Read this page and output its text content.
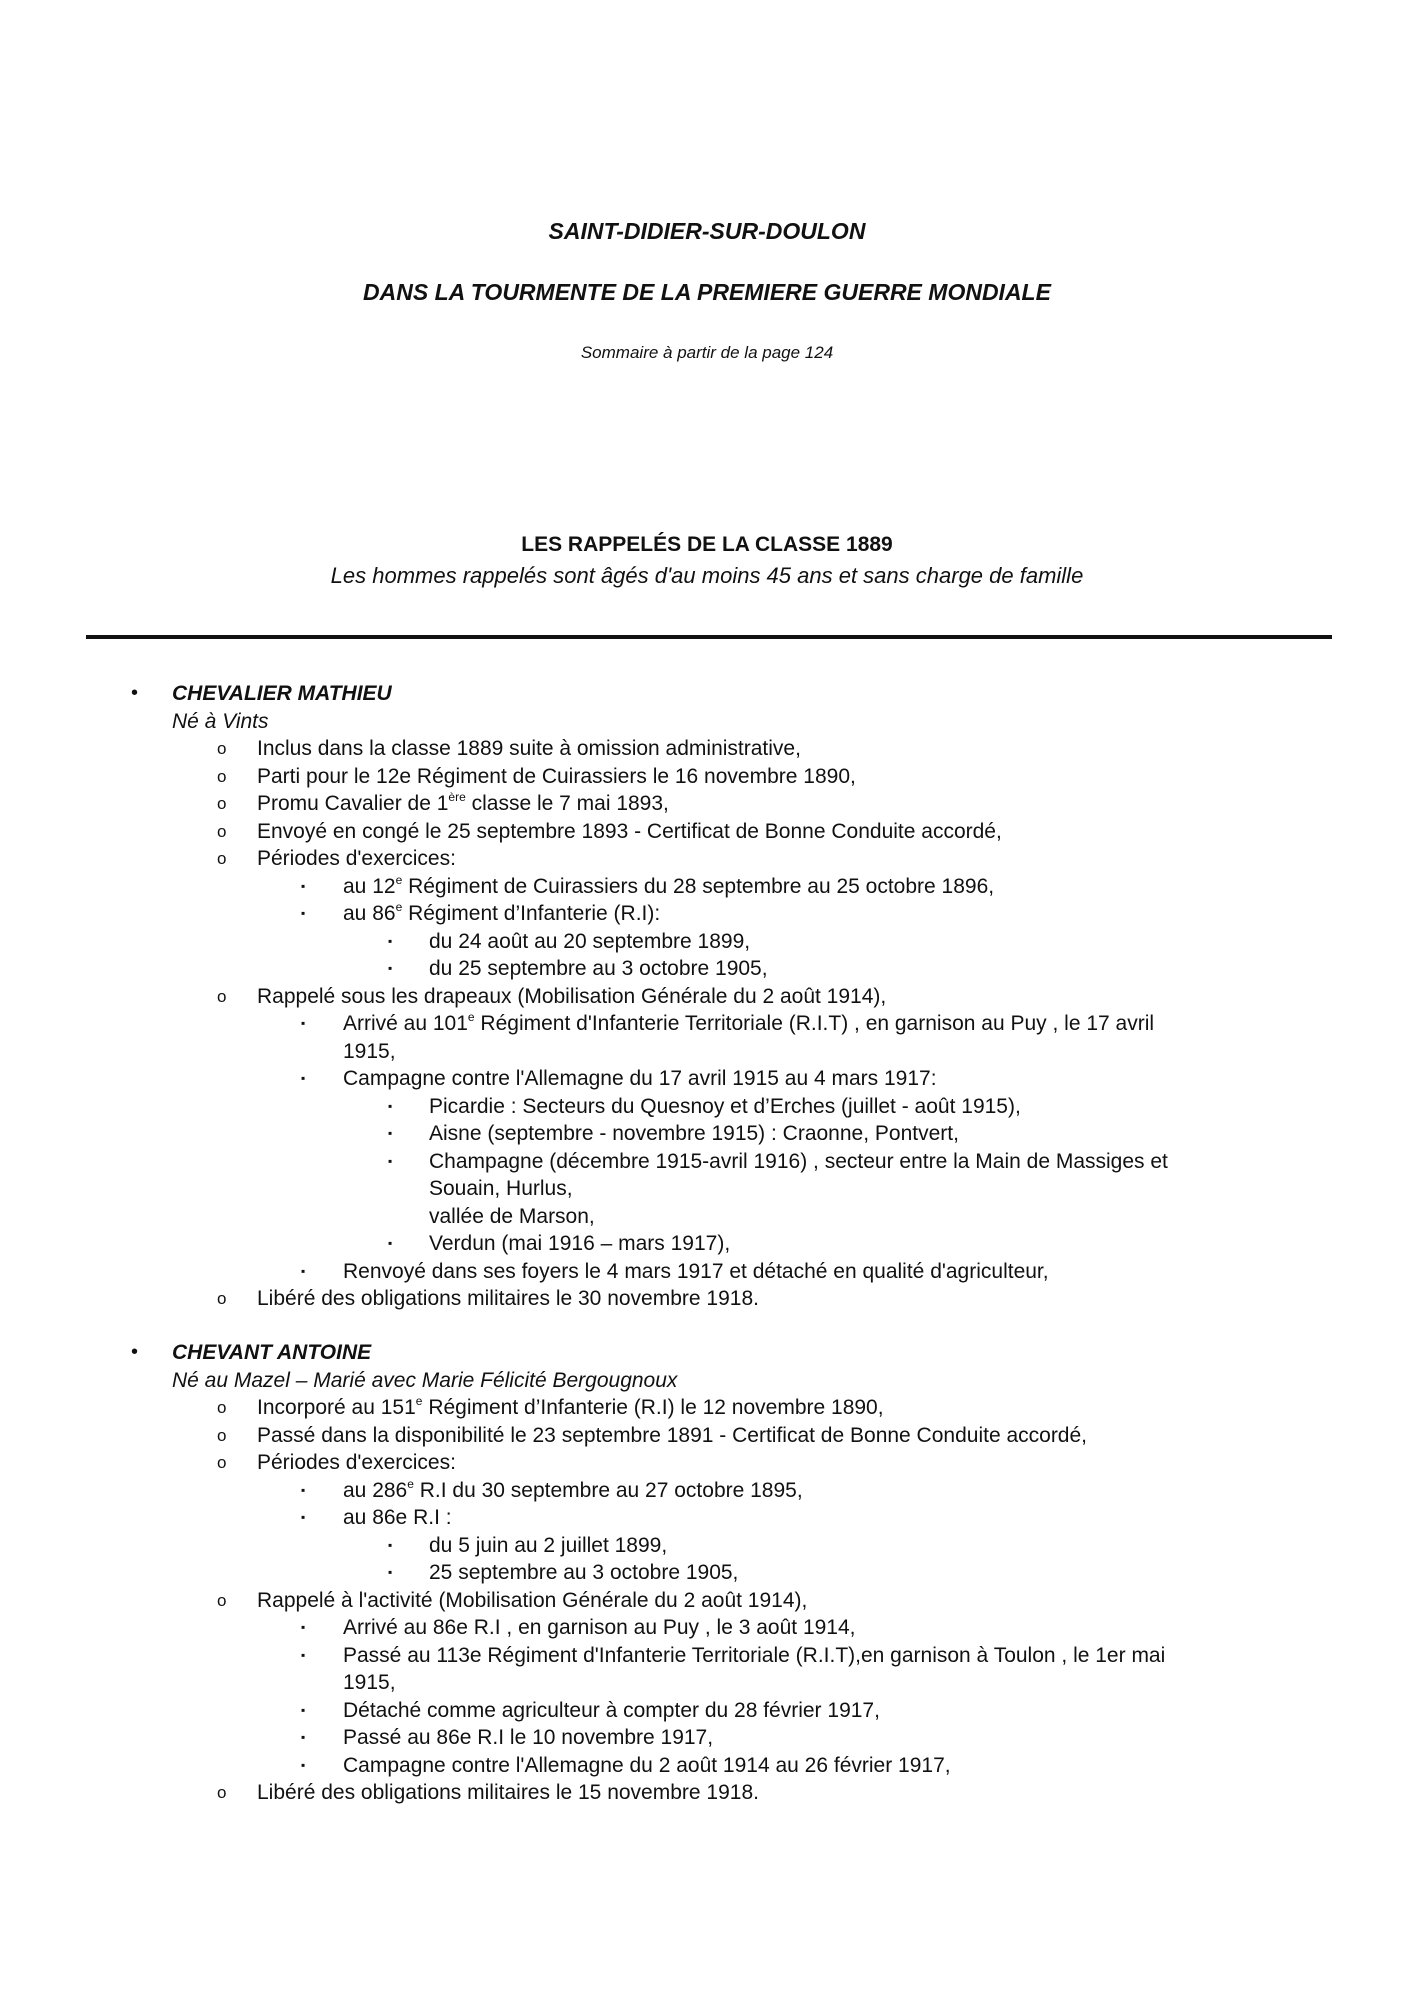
SAINT-DIDIER-SUR-DOULON
DANS LA TOURMENTE DE LA PREMIERE GUERRE MONDIALE
Sommaire à partir de la page 124
LES RAPPELÉS DE LA CLASSE 1889
Les hommes rappelés sont âgés d'au moins 45 ans et sans charge de famille
• CHEVALIER MATHIEU
Né à Vints
o Inclus dans la classe 1889 suite à omission administrative,
o Parti pour le 12e Régiment de Cuirassiers le 16 novembre 1890,
o Promu Cavalier de 1ère classe le 7 mai 1893,
o Envoyé en congé le 25 septembre 1893 - Certificat de Bonne Conduite accordé,
o Périodes d'exercices:
▪ au 12e Régiment de Cuirassiers du 28 septembre au 25 octobre 1896,
▪ au 86e Régiment d’Infanterie (R.I):
▪ du 24 août au 20 septembre 1899,
▪ du 25 septembre au 3 octobre 1905,
o Rappelé sous les drapeaux (Mobilisation Générale du 2 août 1914),
▪ Arrivé au 101e Régiment d'Infanterie Territoriale (R.I.T) , en garnison au Puy , le 17 avril
1915,
▪ Campagne contre l'Allemagne du 17 avril 1915 au 4 mars 1917:
▪ Picardie : Secteurs du Quesnoy et d’Erches (juillet - août 1915),
▪ Aisne (septembre - novembre 1915) : Craonne, Pontvert,
▪ Champagne (décembre 1915-avril 1916) , secteur entre la Main de Massiges et
Souain, Hurlus,
vallée de Marson,
▪ Verdun (mai 1916 – mars 1917),
▪ Renvoyé dans ses foyers le 4 mars 1917 et détaché en qualité d'agriculteur,
o Libéré des obligations militaires le 30 novembre 1918.
• CHEVANT ANTOINE
Né au Mazel – Marié avec Marie Félicité Bergougnoux
o Incorporé au 151e Régiment d’Infanterie (R.I) le 12 novembre 1890,
o Passé dans la disponibilité le 23 septembre 1891 - Certificat de Bonne Conduite accordé,
o Périodes d'exercices:
▪ au 286e R.I du 30 septembre au 27 octobre 1895,
▪ au 86e R.I :
▪ du 5 juin au 2 juillet 1899,
▪ 25 septembre au 3 octobre 1905,
o Rappelé à l'activité (Mobilisation Générale du 2 août 1914),
▪ Arrivé au 86e R.I , en garnison au Puy , le 3 août 1914,
▪ Passé au 113e Régiment d'Infanterie Territoriale (R.I.T),en garnison à Toulon , le 1er mai
1915,
▪ Détaché comme agriculteur à compter du 28 février 1917,
▪ Passé au 86e R.I le 10 novembre 1917,
▪ Campagne contre l'Allemagne du 2 août 1914 au 26 février 1917,
o Libéré des obligations militaires le 15 novembre 1918.
